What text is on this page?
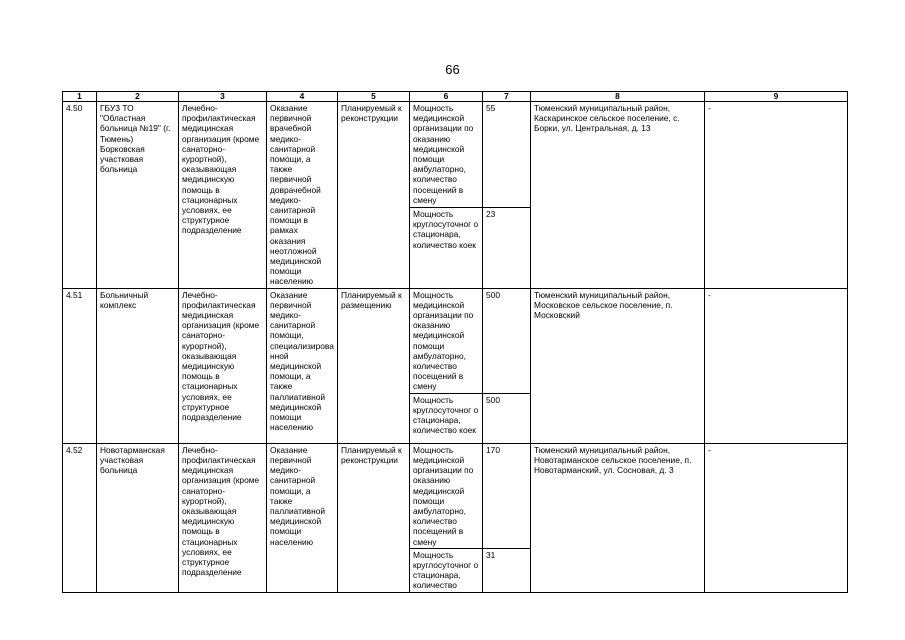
66
1	2	3	4	5	6	7	8	9
4.50	ГБУЗ ТО "Областная больница №19" (г. Тюмень) Борковская участковая больница	Лечебно-профилактическая медицинская организация (кроме санаторно-курортной), оказывающая медицинскую помощь в стационарных условиях, ее структурное подразделение	Оказание первичной врачебной медико-санитарной помощи, а также первичной доврачебной медико-санитарной помощи в рамках оказания неотложной медицинской помощи населению	Планируемый к реконструкции	Мощность медицинской организации по оказанию медицинской помощи амбулаторно, количество посещений в смену	55	Тюменский муниципальный район, Каскаринское сельское поселение, с. Борки, ул. Центральная, д. 13	-
					Мощность круглосуточног о стационара, количество коек	23		
4.51	Больничный комплекс	Лечебно-профилактическая медицинская организация (кроме санаторно-курортной), оказывающая медицинскую помощь в стационарных условиях, ее структурное подразделение	Оказание первичной медико-санитарной помощи, специализированной медицинской помощи, а также паллиативной медицинской помощи населению	Планируемый к размещению	Мощность медицинской организации по оказанию медицинской помощи амбулаторно, количество посещений в смену	500	Тюменский муниципальный район, Московское сельское поселение, п. Московский	-
					Мощность круглосуточног о стационара, количество коек	500		
4.52	Новотарманская участковая больница	Лечебно-профилактическая медицинская организация (кроме санаторно-курортной), оказывающая медицинскую помощь в стационарных условиях, ее структурное подразделение	Оказание первичной медико-санитарной помощи, а также паллиативной медицинской помощи населению	Планируемый к реконструкции	Мощность медицинской организации по оказанию медицинской помощи амбулаторно, количество посещений в смену	170	Тюменский муниципальный район, Новотарманское сельское поселение, п. Новотарманский, ул. Сосновая, д. 3	-
					Мощность круглосуточног о стационара, количество	31		
